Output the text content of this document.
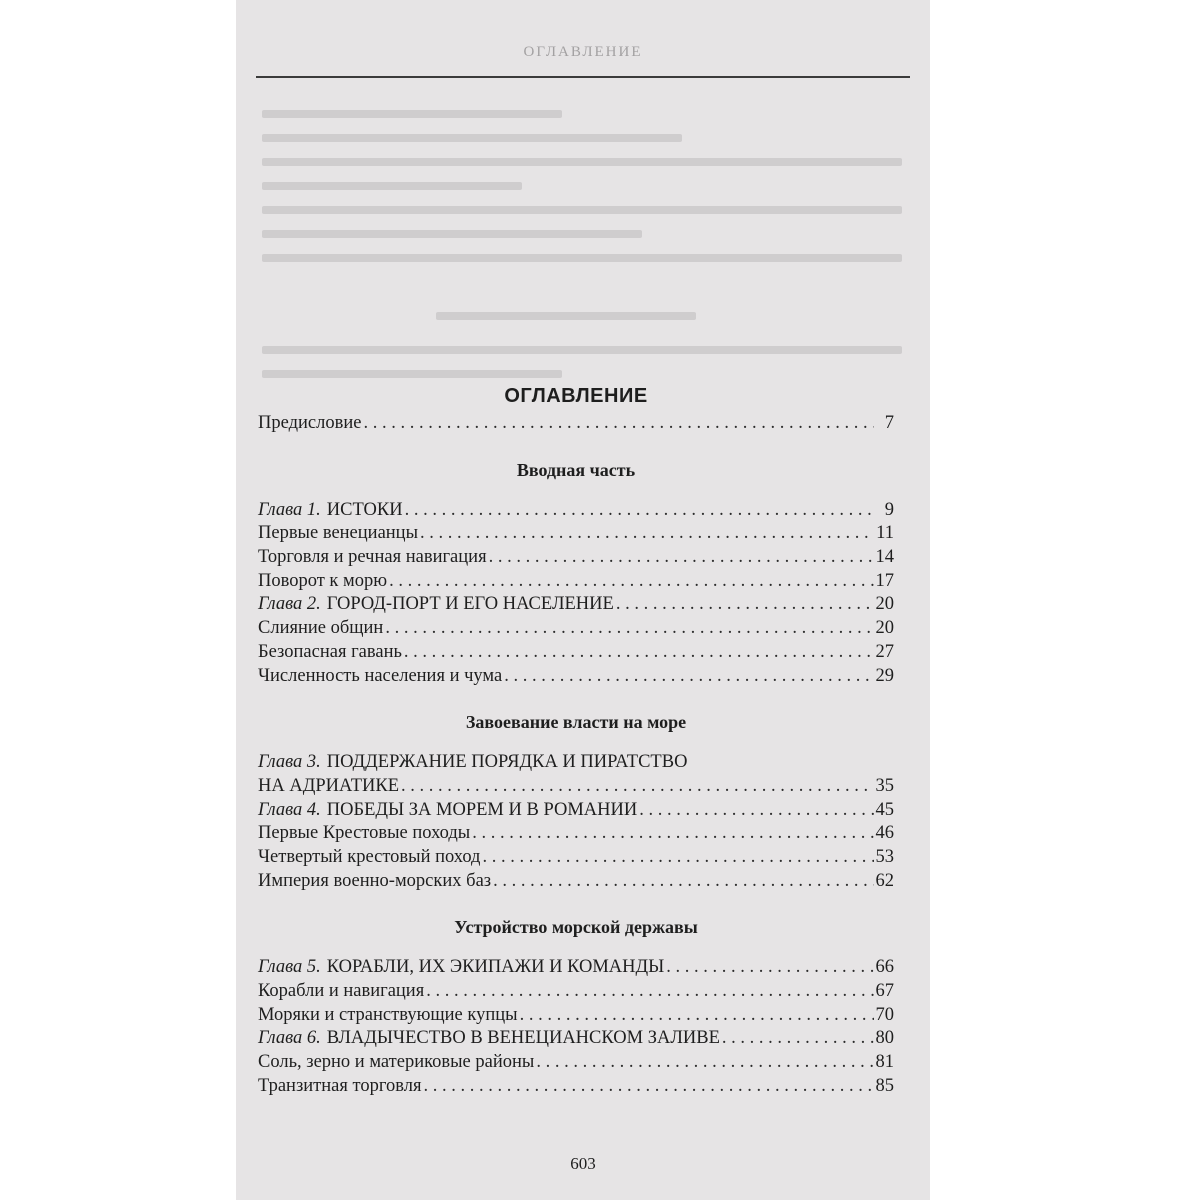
ОГЛАВЛЕНИЕ
ОГЛАВЛЕНИЕ
Предисловие . . .	7
Вводная часть
Глава 1. ИСТОКИ . . .	9
Первые венецианцы . . .	11
Торговля и речная навигация . . .	14
Поворот к морю . . .	17
Глава 2. ГОРОД-ПОРТ И ЕГО НАСЕЛЕНИЕ . . .	20
Слияние общин . . .	20
Безопасная гавань . . .	27
Численность населения и чума . . .	29
Завоевание власти на море
Глава 3. ПОДДЕРЖАНИЕ ПОРЯДКА И ПИРАТСТВО
НА АДРИАТИКЕ . . .	35
Глава 4. ПОБЕДЫ ЗА МОРЕМ И В РОМАНИИ . . .	45
Первые Крестовые походы . . .	46
Четвертый крестовый поход . . .	53
Империя военно-морских баз . . .	62
Устройство морской державы
Глава 5. КОРАБЛИ, ИХ ЭКИПАЖИ И КОМАНДЫ . . .	66
Корабли и навигация . . .	67
Моряки и странствующие купцы . . .	70
Глава 6. ВЛАДЫЧЕСТВО В ВЕНЕЦИАНСКОМ ЗАЛИВЕ . . .	80
Соль, зерно и материковые районы . . .	81
Транзитная торговля . . .	85
603
